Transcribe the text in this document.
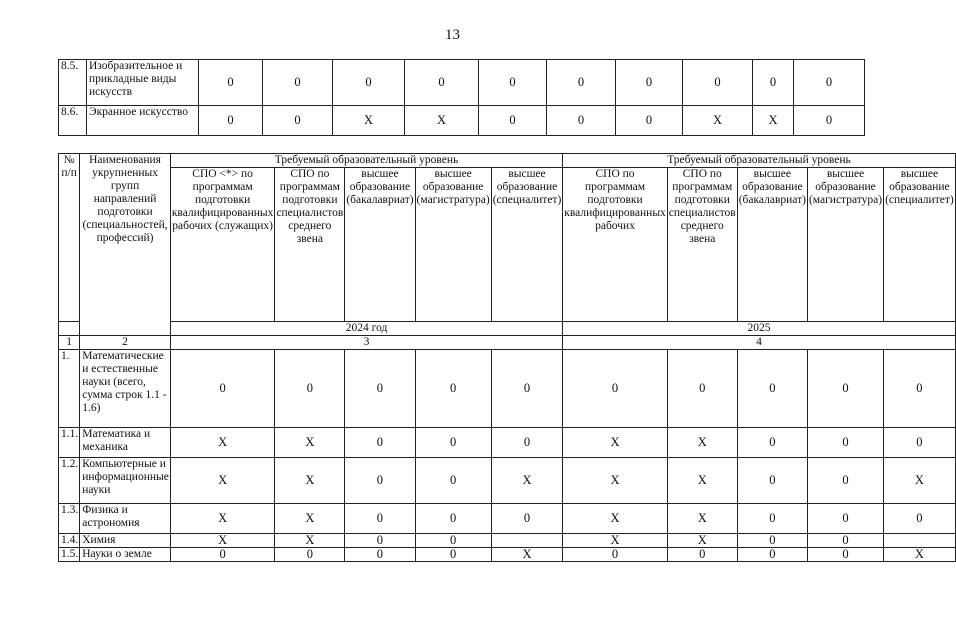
13
8.5.	Изобразительное и прикладные виды искусств	0	0	0	0	0	0	0	0	0	0
8.6.	Экранное искусство	0	0	X	X	0	0	0	X	X	0
№ п/п	Наименования укрупненных групп направлений подготовки (специальностей, профессий)	Требуемый образовательный уровень					Требуемый образовательный уровень				
		СПО <*> по программам подготовки квалифицированных рабочих (служащих)	СПО по программам подготовки специалистов среднего звена	высшее образование (бакалавриат)	высшее образование (магистратура)	высшее образование (специалитет)	СПО по программам подготовки квалифицированных рабочих	СПО по программам подготовки специалистов среднего звена	высшее образование (бакалавриат)	высшее образование (магистратура)	высшее образование (специалитет)
		2024 год					2025				
1	2	3					4				
1.	Математические и естественные науки (всего, сумма строк 1.1 - 1.6)	0	0	0	0	0	0	0	0	0	0
1.1.	Математика и механика	X	X	0	0	0	X	X	0	0	0
1.2.	Компьютерные и информационные науки	X	X	0	0	X	X	X	0	0	X
1.3.	Физика и астрономия	X	X	0	0	0	X	X	0	0	0
1.4.	Химия	X	X	0	0		X	X	0	0	
1.5.	Науки о земле	0	0	0	0	X	0	0	0	0	X
